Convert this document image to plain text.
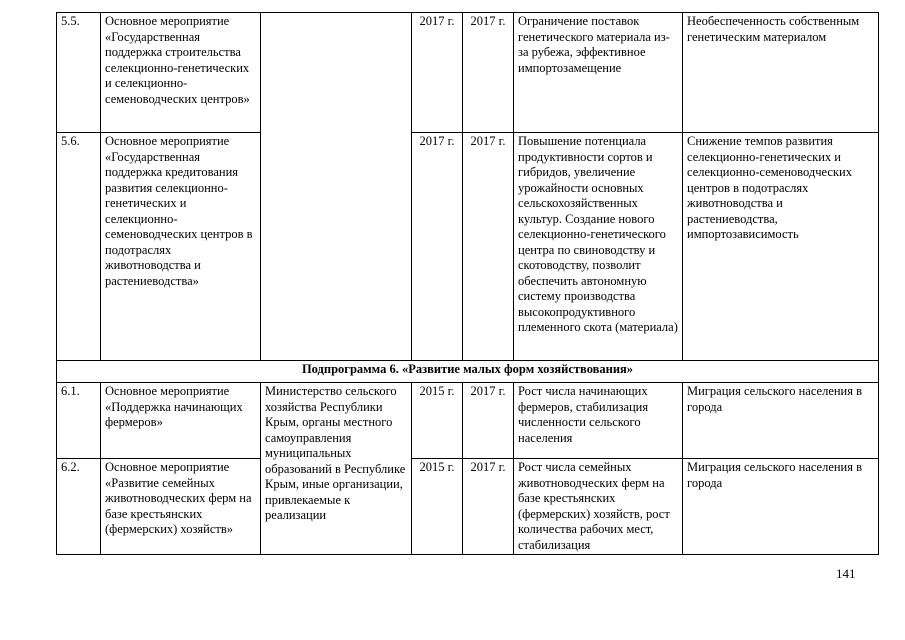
5.5.	Основное мероприятие «Государственная поддержка строительства селекционно-генетических и селекционно-семеноводческих центров»		2017 г.	2017 г.	Ограничение поставок генетического материала из-за рубежа, эффективное импортозамещение	Необеспеченность собственным генетическим материалом
5.6.	Основное мероприятие «Государственная поддержка кредитования развития селекционно-генетических и селекционно-семеноводческих центров в подотраслях животноводства и растениеводства»		2017 г.	2017 г.	Повышение потенциала продуктивности сортов и гибридов, увеличение урожайности основных сельскохозяйственных культур. Создание нового селекционно-генетического центра по свиноводству и скотоводству, позволит обеспечить автономную систему производства высокопродуктивного племенного скота (материала)	Снижение темпов развития селекционно-генетических и селекционно-семеноводческих центров в подотраслях животноводства и растениеводства, импортозависимость
Подпрограмма 6. «Развитие малых форм хозяйствования»						
6.1.	Основное мероприятие «Поддержка начинающих фермеров»	Министерство сельского хозяйства Республики Крым, органы местного самоуправления муниципальных образований в Республике Крым, иные организации, привлекаемые к реализации	2015 г.	2017 г.	Рост числа начинающих фермеров, стабилизация численности сельского населения	Миграция сельского населения в города
6.2.	Основное мероприятие «Развитие семейных животноводческих ферм на базе крестьянских (фермерских) хозяйств»		2015 г.	2017 г.	Рост числа семейных животноводческих ферм на базе крестьянских (фермерских) хозяйств, рост количества рабочих мест, стабилизация	Миграция сельского населения в города
141
